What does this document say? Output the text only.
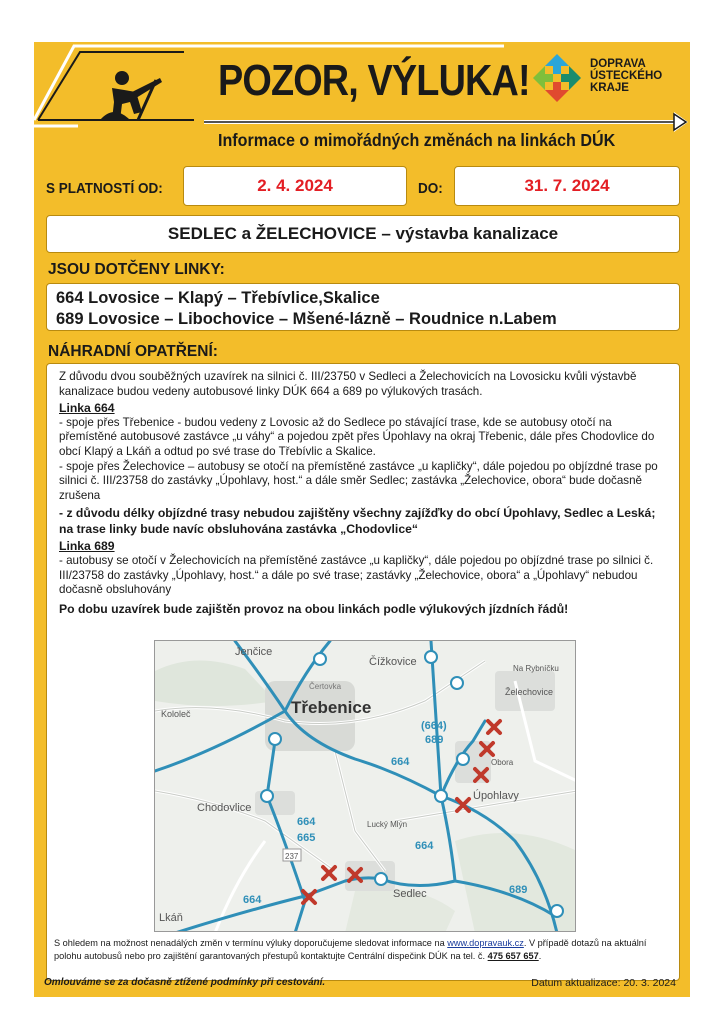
POZOR, VÝLUKA!
Informace o mimořádných změnách na linkách DÚK
DOPRAVA
ÚSTECKÉHO
KRAJE
S PLATNOSTÍ OD:	2. 4. 2024	DO:	31. 7. 2024
SEDLEC a ŽELECHOVICE – výstavba kanalizace
JSOU DOTČENY LINKY:
664 Lovosice – Klapý – Třebívlice,Skalice
689 Lovosice – Libochovice – Mšené-lázně – Roudnice n.Labem
NÁHRADNÍ OPATŘENÍ:

Z důvodu dvou souběžných uzavírek na silnici č. III/23750 v Sedleci a Želechovicích na Lovosicku kvůli výstavbě kanalizace budou vedeny autobusové linky DÚK 664 a 689 po výlukových trasách.

Linka 664

- spoje přes Třebenice - budou vedeny z Lovosic až do Sedlece po stávající trase, kde se autobusy otočí na přemístěné autobusové zastávce „u váhy“ a pojedou zpět přes Úpohlavy na okraj Třebenic, dále přes Chodovlice do obcí Klapý a Lkáň a odtud po své trase do Třebívlic a Skalice.

- spoje přes Želechovice – autobusy se otočí na přemístěné zastávce „u kapličky“, dále pojedou po objízdné trase po silnici č. III/23758 do zastávky „Úpohlavy, host.“ a dále směr Sedlec; zastávka „Želechovice, obora“ bude dočasně zrušena

- z důvodu délky objízdné trasy nebudou zajištěny všechny zajížďky do obcí Úpohlavy, Sedlec a Leská; na trase linky bude navíc obsluhována zastávka „Chodovlice“

Linka 689

- autobusy se otočí v Želechovicích na přemístěné zastávce „u kapličky“, dále pojedou po objízdné trase po silnici č. III/23758 do zastávky „Úpohlavy, host.“ a dále po své trase; zastávky „Želechovice, obora“ a „Úpohlavy“ nebudou dočasně obsluhovány

Po dobu uzavírek bude zajištěn provoz na obou linkách podle výlukových jízdních řádů!

Jenčice
Čížkovice
Na Rybníčku
Čertovka
Želechovice
Třebenice
Kololeč
Obora
Úpohlavy
Chodovlice
Lucký Mlýn
Sedlec
Lkáň
(664)
689
664
664
665
664
664
689
237
S ohledem na možnost nenadálých změn v termínu výluky doporučujeme sledovat informace na www.dopravauk.cz. V případě dotazů na aktuální polohu autobusů nebo pro zajištění garantovaných přestupů kontaktujte Centrální dispečink DÚK na tel. č. 475 657 657.
Omlouváme se za dočasně ztížené podmínky při cestování.	Datum aktualizace: 20. 3. 2024
